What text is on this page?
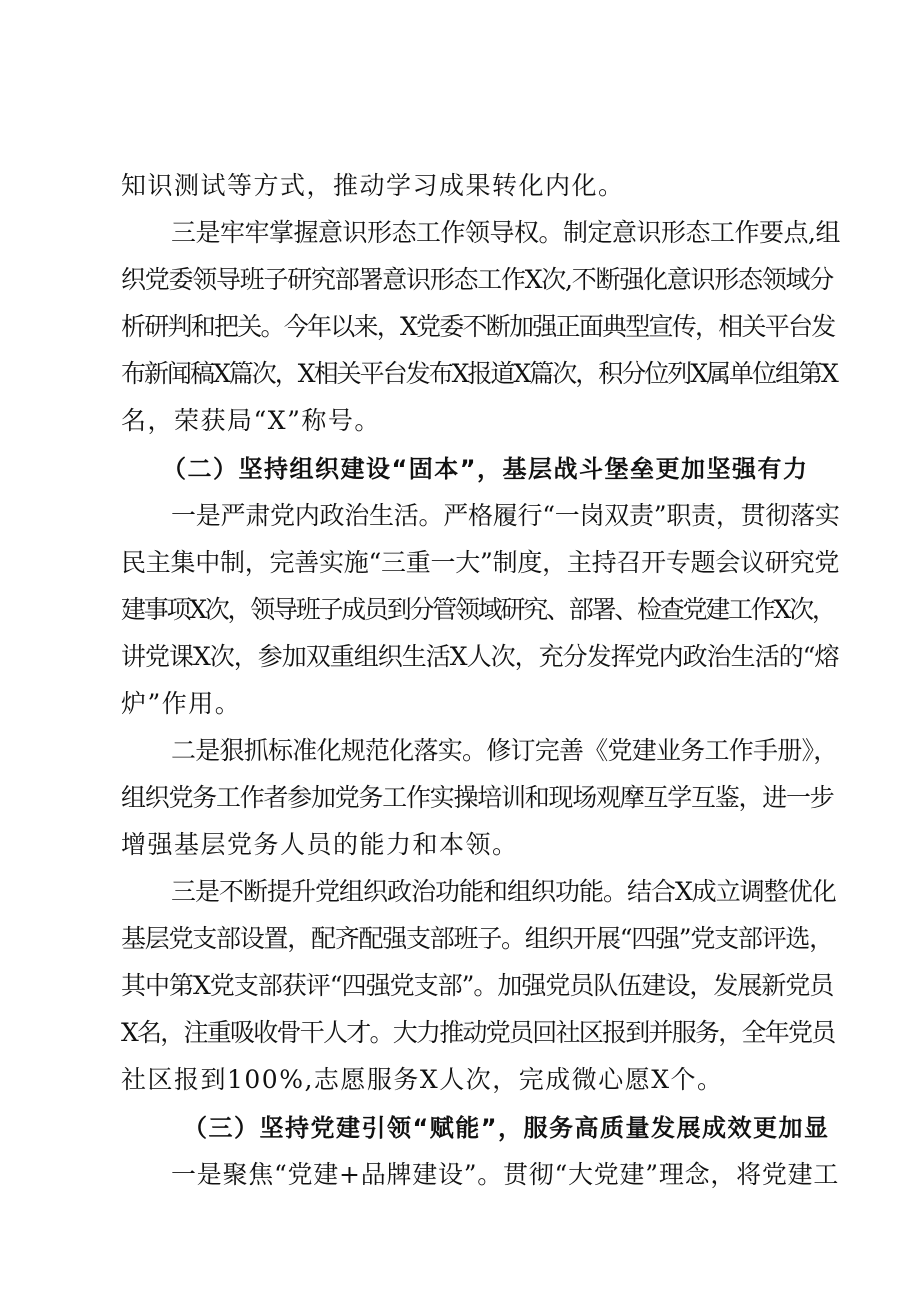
知识测试等方式，推动学习成果转化内化。
三是牢牢掌握意识形态工作领导权。制定意识形态工作要点,组
织党委领导班子研究部署意识形态工作X次,不断强化意识形态领域分
析研判和把关。今年以来，X党委不断加强正面典型宣传，相关平台发
布新闻稿X篇次，X相关平台发布X报道X篇次，积分位列X属单位组第X
名，荣获局“X”称号。
（二）坚持组织建设“固本”，基层战斗堡垒更加坚强有力
一是严肃党内政治生活。严格履行“一岗双责”职责，贯彻落实
民主集中制，完善实施“三重一大”制度，主持召开专题会议研究党
建事项X次，领导班子成员到分管领域研究、部署、检查党建工作X次，
讲党课X次，参加双重组织生活X人次，充分发挥党内政治生活的“熔
炉”作用。
二是狠抓标准化规范化落实。修订完善《党建业务工作手册》，
组织党务工作者参加党务工作实操培训和现场观摩互学互鉴，进一步
增强基层党务人员的能力和本领。
三是不断提升党组织政治功能和组织功能。结合X成立调整优化
基层党支部设置，配齐配强支部班子。组织开展“四强”党支部评选，
其中第X党支部获评“四强党支部”。加强党员队伍建设，发展新党员
X名，注重吸收骨干人才。大力推动党员回社区报到并服务，全年党员
社区报到100%,志愿服务X人次，完成微心愿X个。
（三）坚持党建引领“赋能”，服务高质量发展成效更加显
一是聚焦“党建+品牌建设”。贯彻“大党建”理念，将党建工
